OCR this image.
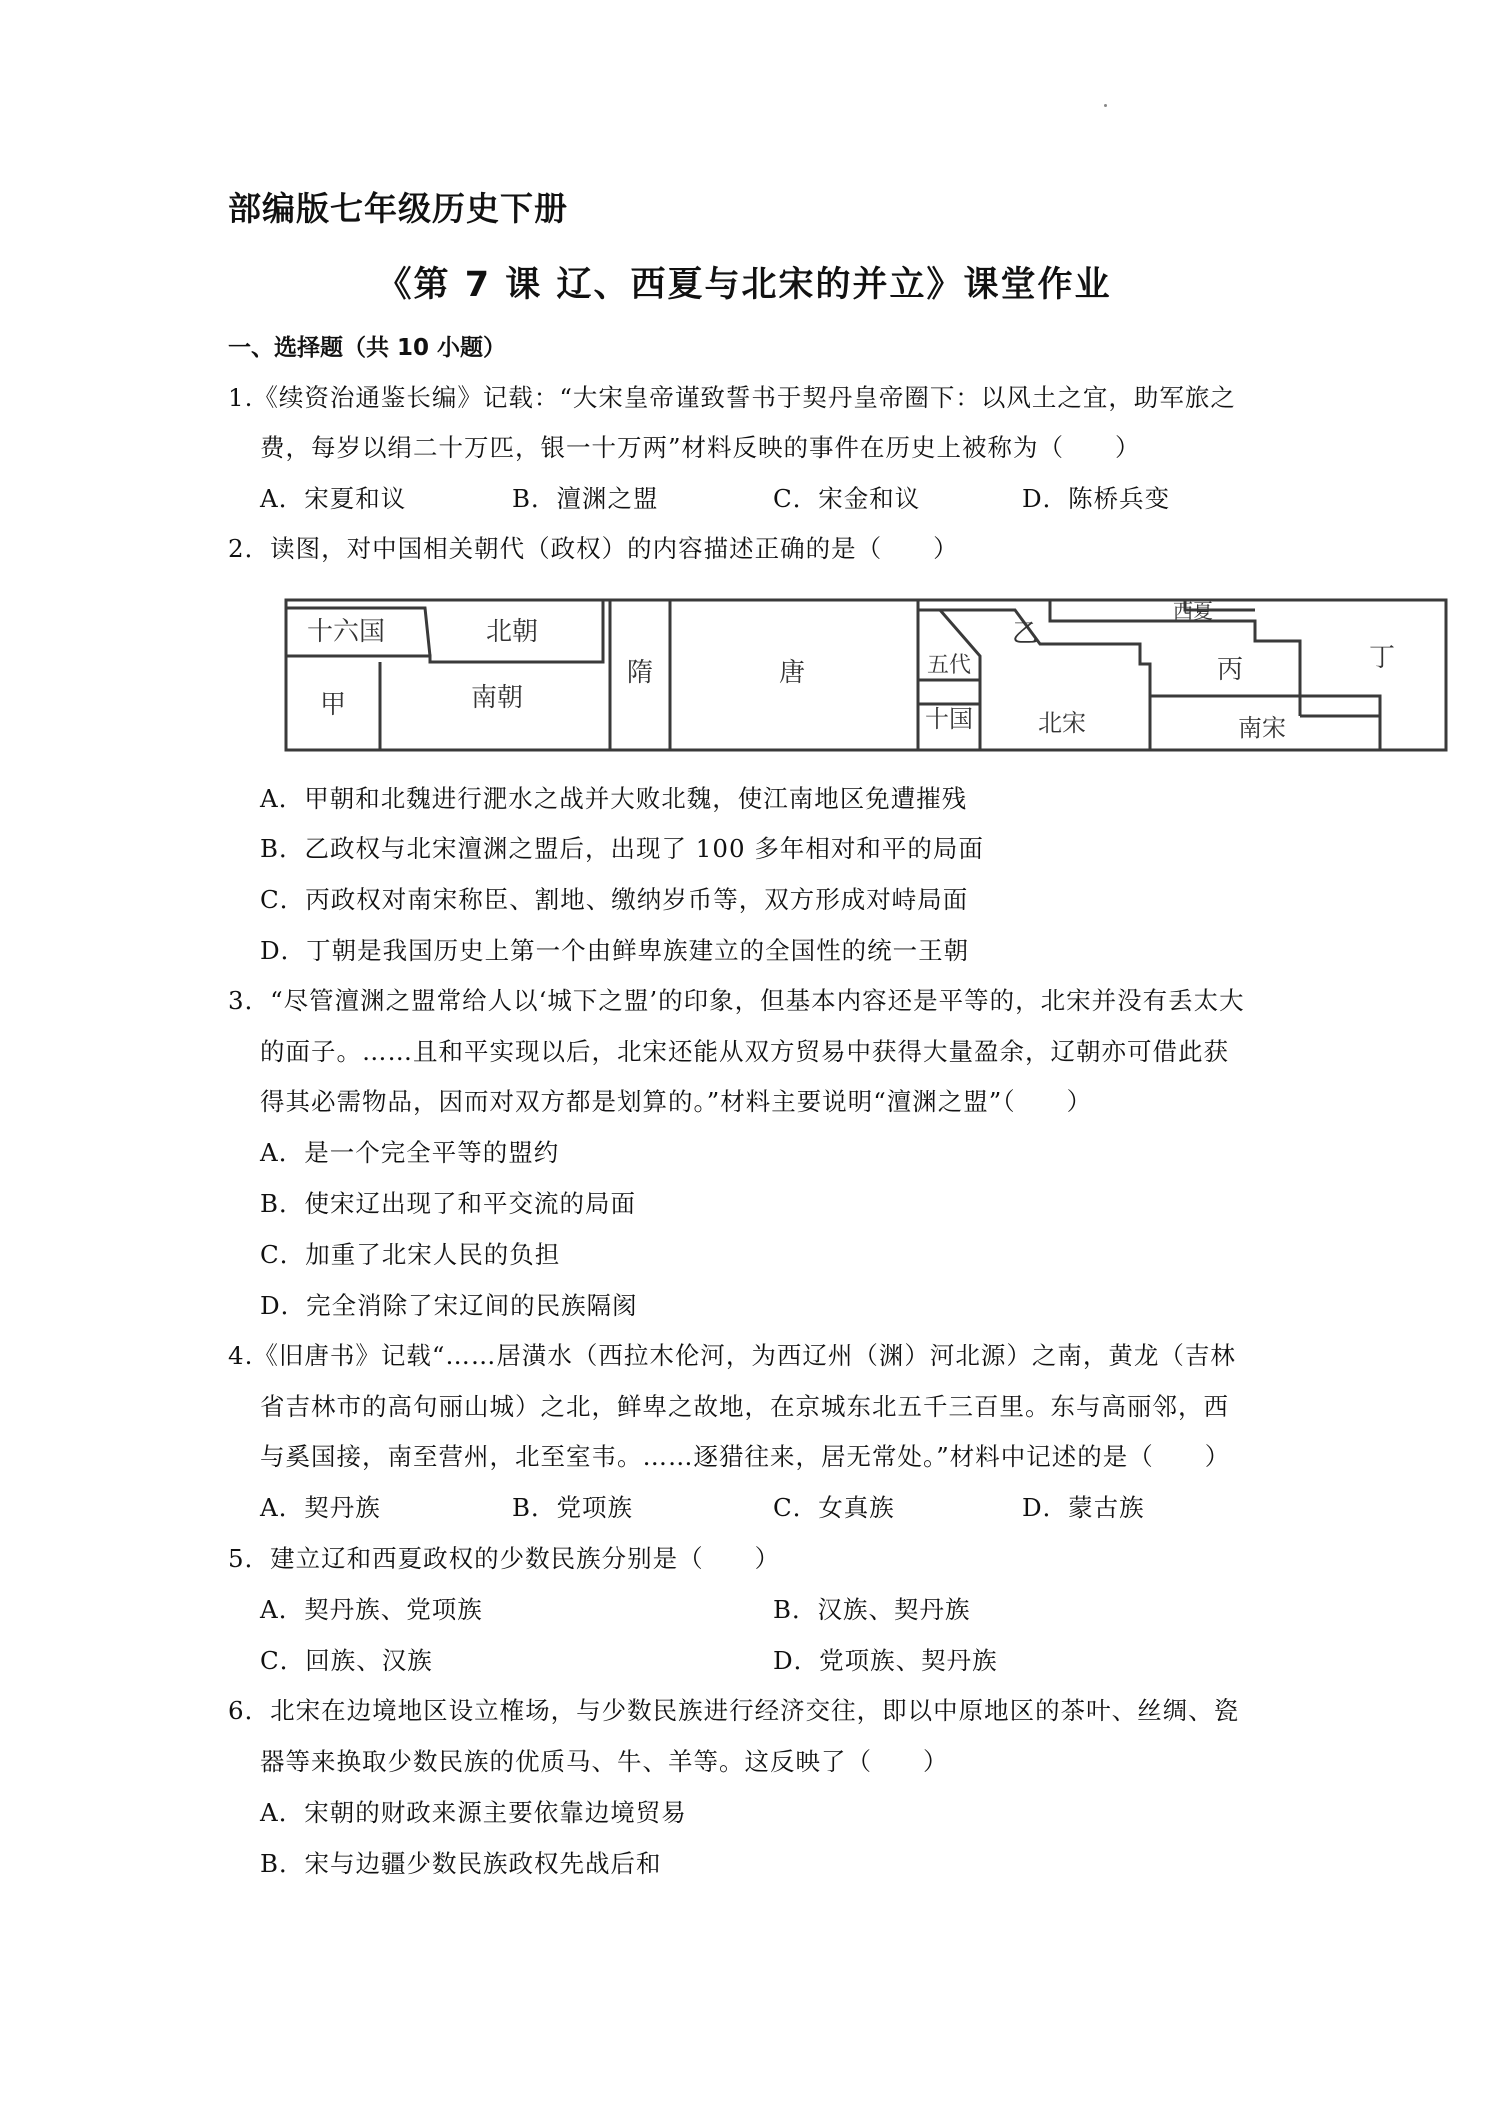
部编版七年级历史下册
《第 7 课 辽、西夏与北宋的并立》课堂作业
一、选择题（共 10 小题）
1.《续资治通鉴长编》记载：“大宋皇帝谨致誓书于契丹皇帝圈下：以风土之宜，助军旅之
费，每岁以绢二十万匹，银一十万两”材料反映的事件在历史上被称为（　　）
A．宋夏和议	B．澶渊之盟	C．宋金和议	D．陈桥兵变
2．读图，对中国相关朝代（政权）的内容描述正确的是（　　）
十六国	北朝
甲	南朝
隋	唐	五代
十国
乙
西夏
丙	丁
北宋	南宋
A．甲朝和北魏进行淝水之战并大败北魏，使江南地区免遭摧残
B．乙政权与北宋澶渊之盟后，出现了 100 多年相对和平的局面
C．丙政权对南宋称臣、割地、缴纳岁币等，双方形成对峙局面
D．丁朝是我国历史上第一个由鲜卑族建立的全国性的统一王朝
3．“尽管澶渊之盟常给人以‘城下之盟’的印象，但基本内容还是平等的，北宋并没有丢太大
的面子。……且和平实现以后，北宋还能从双方贸易中获得大量盈余，辽朝亦可借此获
得其必需物品，因而对双方都是划算的。”材料主要说明“澶渊之盟”（　　）
A．是一个完全平等的盟约
B．使宋辽出现了和平交流的局面
C．加重了北宋人民的负担
D．完全消除了宋辽间的民族隔阂
4.《旧唐书》记载“……居潢水（西拉木伦河，为西辽州（渊）河北源）之南，黄龙（吉林
省吉林市的高句丽山城）之北，鲜卑之故地，在京城东北五千三百里。东与高丽邻，西
与奚国接，南至营州，北至室韦。……逐猎往来，居无常处。”材料中记述的是（　　）
A．契丹族	B．党项族	C．女真族	D．蒙古族
5．建立辽和西夏政权的少数民族分别是（　　）
A．契丹族、党项族	B．汉族、契丹族
C．回族、汉族	D．党项族、契丹族
6．北宋在边境地区设立榷场，与少数民族进行经济交往，即以中原地区的茶叶、丝绸、瓷
器等来换取少数民族的优质马、牛、羊等。这反映了（　　）
A．宋朝的财政来源主要依靠边境贸易
B．宋与边疆少数民族政权先战后和
